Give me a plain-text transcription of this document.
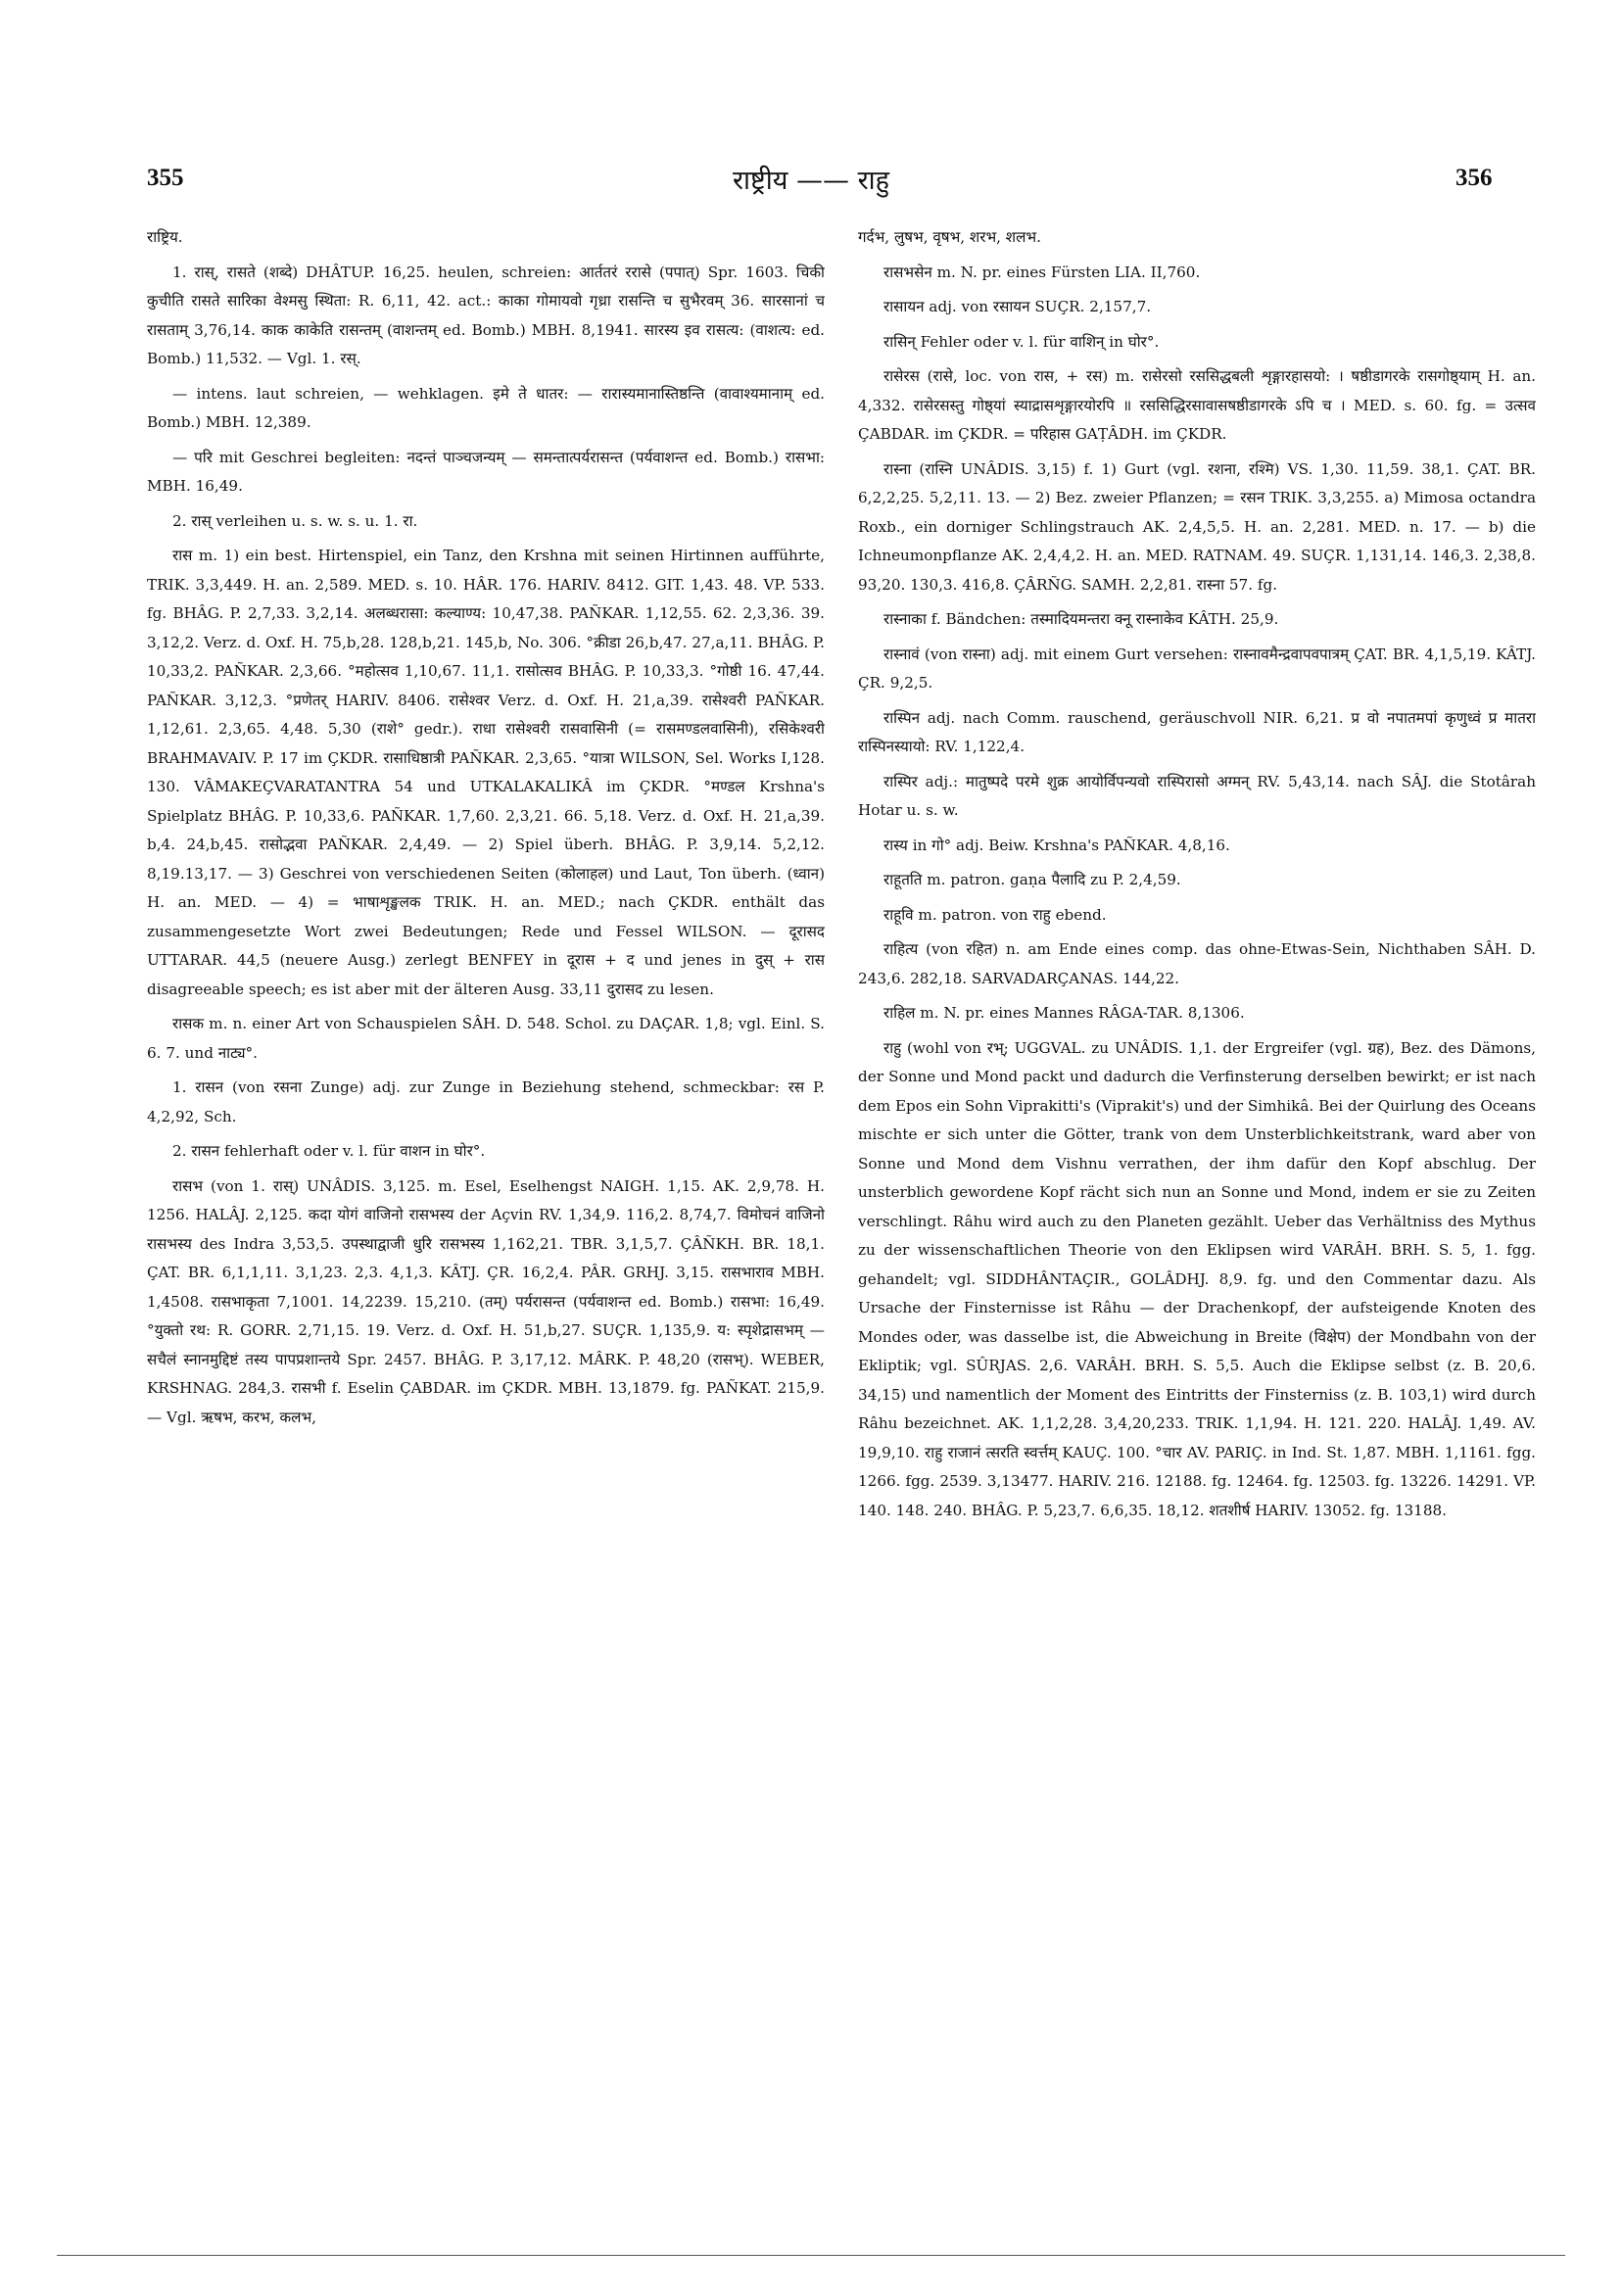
355	राष्ट्रीय —— राहु	356

राष्ट्रिय.

1. रास्, रासते (शब्दे) DHÂTUP. 16,25. heulen, schreien: आर्ततरं ररासे (पपात्) Spr. 1603. चिकी कुचीति रासते सारिका वेश्मसु स्थिता: R. 6,11, 42. act.: काका गोमायवो गृध्रा रासन्ति च सुभैरवम् 36. सारसानां च रासताम् 3,76,14. काक काकेति रासन्तम् (वाशन्तम् ed. Bomb.) MBH. 8,1941. सारस्य इव रासत्य: (वाशत्य: ed. Bomb.) 11,532. — Vgl. 1. रस्.

— intens. laut schreien, — wehklagen. इमे ते धातर: — रारास्यमानास्तिष्ठन्ति (वावाश्यमानाम् ed. Bomb.) MBH. 12,389.

— परि mit Geschrei begleiten: नदन्तं पाञ्चजन्यम् — समन्तात्पर्यरासन्त (पर्यवाशन्त ed. Bomb.) रासभा: MBH. 16,49.

2. रास् verleihen u. s. w. s. u. 1. रा.

रास m. 1) ein best. Hirtenspiel, ein Tanz, den Krshna mit seinen Hirtinnen aufführte, TRIK. 3,3,449. H. an. 2,589. MED. s. 10. HÂR. 176. HARIV. 8412. GIT. 1,43. 48. VP. 533. fg. BHÂG. P. 2,7,33. 3,2,14. अलब्धरासा: कल्याण्य: 10,47,38. PAÑKAR. 1,12,55. 62. 2,3,36. 39. 3,12,2. Verz. d. Oxf. H. 75,b,28. 128,b,21. 145,b, No. 306. °क्रीडा 26,b,47. 27,a,11. BHÂG. P. 10,33,2. PAÑKAR. 2,3,66. °महोत्सव 1,10,67. 11,1. रासोत्सव BHÂG. P. 10,33,3. °गोष्ठी 16. 47,44. PAÑKAR. 3,12,3. °प्रणेतर् HARIV. 8406. रासेश्वर Verz. d. Oxf. H. 21,a,39. रासेश्वरी PAÑKAR. 1,12,61. 2,3,65. 4,48. 5,30 (राशे° gedr.). राधा रासेश्वरी रासवासिनी (= रासमण्डलवासिनी), रसिकेश्वरी BRAHMAVAIV. P. 17 im ÇKDR. रासाधिष्ठात्री PAÑKAR. 2,3,65. °यात्रा WILSON, Sel. Works I,128. 130. VÂMAKEÇVARATANTRA 54 und UTKALAKALIKÂ im ÇKDR. °मण्डल Krshna's Spielplatz BHÂG. P. 10,33,6. PAÑKAR. 1,7,60. 2,3,21. 66. 5,18. Verz. d. Oxf. H. 21,a,39. b,4. 24,b,45. रासोद्भवा PAÑKAR. 2,4,49. — 2) Spiel überh. BHÂG. P. 3,9,14. 5,2,12. 8,19.13,17. — 3) Geschrei von verschiedenen Seiten (कोलाहल) und Laut, Ton überh. (ध्वान) H. an. MED. — 4) = भाषाशृङ्खलक TRIK. H. an. MED.; nach ÇKDR. enthält das zusammengesetzte Wort zwei Bedeutungen; Rede und Fessel WILSON. — दूरासद UTTARAR. 44,5 (neuere Ausg.) zerlegt BENFEY in दूरास + द und jenes in दुस् + रास disagreeable speech; es ist aber mit der älteren Ausg. 33,11 दुरासद zu lesen.

रासक m. n. einer Art von Schauspielen SÂH. D. 548. Schol. zu DAÇAR. 1,8; vgl. Einl. S. 6. 7. und नाट्य°.

1. रासन (von रसना Zunge) adj. zur Zunge in Beziehung stehend, schmeckbar: रस P. 4,2,92, Sch.

2. रासन fehlerhaft oder v. l. für वाशन in घोर°.

रासभ (von 1. रास्) UNÂDIS. 3,125. m. Esel, Eselhengst NAIGH. 1,15. AK. 2,9,78. H. 1256. HALÂJ. 2,125. कदा योगं वाजिनो रासभस्य der Açvin RV. 1,34,9. 116,2. 8,74,7. विमोचनं वाजिनो रासभस्य des Indra 3,53,5. उपस्थाद्वाजी धुरि रासभस्य 1,162,21. TBR. 3,1,5,7. ÇÂÑKH. BR. 18,1. ÇAT. BR. 6,1,1,11. 3,1,23. 2,3. 4,1,3. KÂTJ. ÇR. 16,2,4. PÂR. GRHJ. 3,15. रासभाराव MBH. 1,4508. रासभाकृता 7,1001. 14,2239. 15,210. (तम्) पर्यरासन्त (पर्यवाशन्त ed. Bomb.) रासभा: 16,49. °युक्तो रथ: R. GORR. 2,71,15. 19. Verz. d. Oxf. H. 51,b,27. SUÇR. 1,135,9. य: स्पृशेद्रासभम् — सचैलं स्नानमुद्दिष्टं तस्य पापप्रशान्तये Spr. 2457. BHÂG. P. 3,17,12. MÂRK. P. 48,20 (रासभ्). WEBER, KRSHNAG. 284,3. रासभी f. Eselin ÇABDAR. im ÇKDR. MBH. 13,1879. fg. PAÑKAT. 215,9. — Vgl. ऋषभ, करभ, कलभ,

गर्दभ, लुषभ, वृषभ, शरभ, शलभ.

रासभसेन m. N. pr. eines Fürsten LIA. II,760.

रासायन adj. von रसायन SUÇR. 2,157,7.

रासिन् Fehler oder v. l. für वाशिन् in घोर°.

रासेरस (रासे, loc. von रास, + रस) m. रासेरसो रससिद्धबली शृङ्गारहासयो: । षष्ठीडागरके रासगोष्ठ्याम् H. an. 4,332. रासेरसस्तु गोष्ठ्यां स्याद्रासशृङ्गारयोरपि ॥ रससिद्धिरसावासषष्ठीडागरके ऽपि च । MED. s. 60. fg. = उत्सव ÇABDAR. im ÇKDR. = परिहास GAṬÂDH. im ÇKDR.

रास्ना (रास्नि UNÂDIS. 3,15) f. 1) Gurt (vgl. रशना, रश्मि) VS. 1,30. 11,59. 38,1. ÇAT. BR. 6,2,2,25. 5,2,11. 13. — 2) Bez. zweier Pflanzen; = रसन TRIK. 3,3,255. a) Mimosa octandra Roxb., ein dorniger Schlingstrauch AK. 2,4,5,5. H. an. 2,281. MED. n. 17. — b) die Ichneumonpflanze AK. 2,4,4,2. H. an. MED. RATNAM. 49. SUÇR. 1,131,14. 146,3. 2,38,8. 93,20. 130,3. 416,8. ÇÂRÑG. SAMH. 2,2,81. रास्ना 57. fg.

रास्नाका f. Bändchen: तस्मादियमन्तरा क्नू रास्नाकेव KÂTH. 25,9.

रास्नावं (von रास्ना) adj. mit einem Gurt versehen: रास्नावमैन्द्रवापवपात्रम् ÇAT. BR. 4,1,5,19. KÂTJ. ÇR. 9,2,5.

रास्पिन adj. nach Comm. rauschend, geräuschvoll NIR. 6,21. प्र वो नपातमपां कृणुध्वं प्र मातरा रास्पिनस्यायो: RV. 1,122,4.

रास्पिर adj.: मातुष्पदे परमे शुक्र आयोर्विपन्यवो रास्पिरासो अग्मन् RV. 5,43,14. nach SÂJ. die Stotârah Hotar u. s. w.

रास्य in गो° adj. Beiw. Krshna's PAÑKAR. 4,8,16.

राहूतति m. patron. gaṇa पैलादि zu P. 2,4,59.

राहूवि m. patron. von राहु ebend.

राहित्य (von रहित) n. am Ende eines comp. das ohne-Etwas-Sein, Nichthaben SÂH. D. 243,6. 282,18. SARVADARÇANAS. 144,22.

राहिल m. N. pr. eines Mannes RÂGA-TAR. 8,1306.

राहु (wohl von रभ्; UGGVAL. zu UNÂDIS. 1,1. der Ergreifer (vgl. ग्रह), Bez. des Dämons, der Sonne und Mond packt und dadurch die Verfinsterung derselben bewirkt; er ist nach dem Epos ein Sohn Viprakitti's (Viprakit's) und der Simhikâ. Bei der Quirlung des Oceans mischte er sich unter die Götter, trank von dem Unsterblichkeitstrank, ward aber von Sonne und Mond dem Vishnu verrathen, der ihm dafür den Kopf abschlug. Der unsterblich gewordene Kopf rächt sich nun an Sonne und Mond, indem er sie zu Zeiten verschlingt. Râhu wird auch zu den Planeten gezählt. Ueber das Verhältniss des Mythus zu der wissenschaftlichen Theorie von den Eklipsen wird VARÂH. BRH. S. 5, 1. fgg. gehandelt; vgl. SIDDHÂNTAÇIR., GOLÂDHJ. 8,9. fg. und den Commentar dazu. Als Ursache der Finsternisse ist Râhu — der Drachenkopf, der aufsteigende Knoten des Mondes oder, was dasselbe ist, die Abweichung in Breite (विक्षेप) der Mondbahn von der Ekliptik; vgl. SÛRJAS. 2,6. VARÂH. BRH. S. 5,5. Auch die Eklipse selbst (z. B. 20,6. 34,15) und namentlich der Moment des Eintritts der Finsterniss (z. B. 103,1) wird durch Râhu bezeichnet. AK. 1,1,2,28. 3,4,20,233. TRIK. 1,1,94. H. 121. 220. HALÂJ. 1,49. AV. 19,9,10. राहु राजानं त्सरति स्वर्त्तम् KAUÇ. 100. °चार AV. PARIÇ. in Ind. St. 1,87. MBH. 1,1161. fgg. 1266. fgg. 2539. 3,13477. HARIV. 216. 12188. fg. 12464. fg. 12503. fg. 13226. 14291. VP. 140. 148. 240. BHÂG. P. 5,23,7. 6,6,35. 18,12. शतशीर्ष HARIV. 13052. fg. 13188.
